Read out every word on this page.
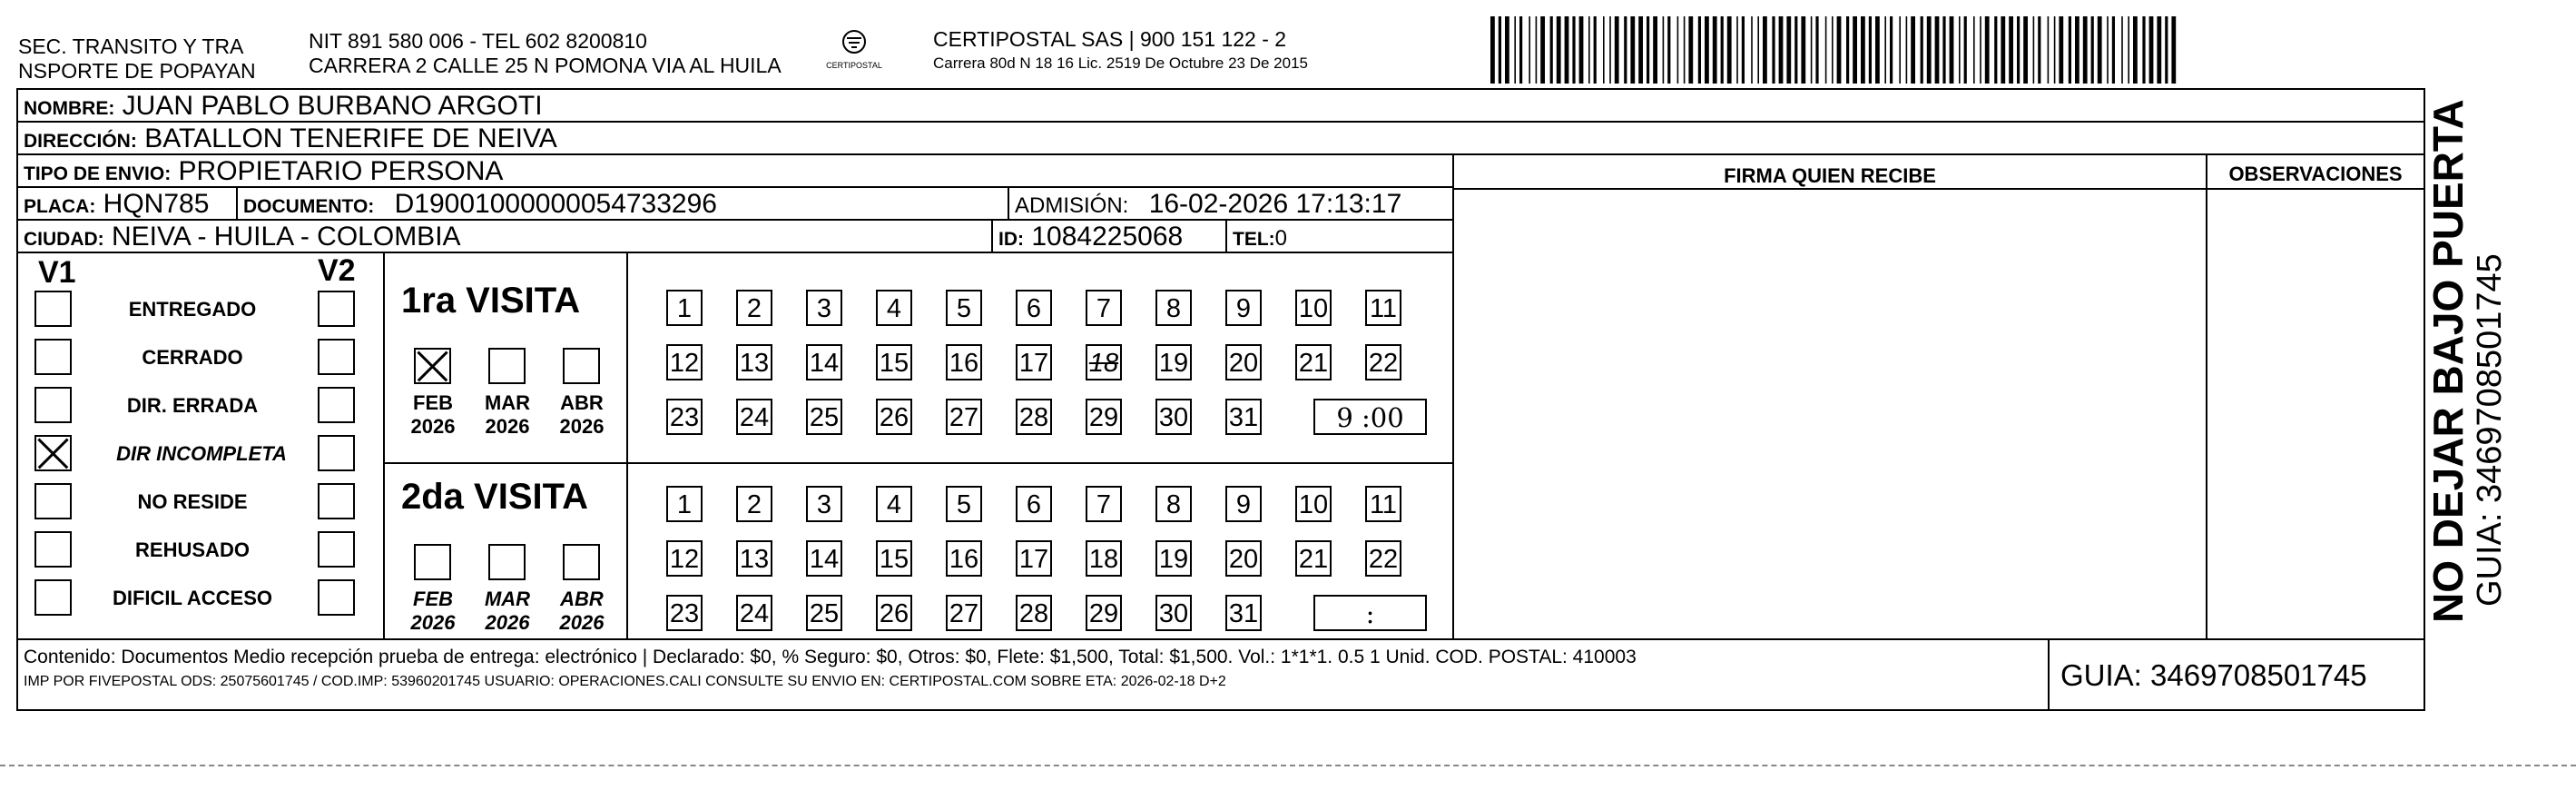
SEC. TRANSITO Y TRA
NSPORTE DE POPAYAN
NIT 891 580 006 - TEL 602 8200810
CARRERA 2 CALLE 25 N POMONA VIA AL HUILA	CERTIPOSTAL
CERTIPOSTAL SAS | 900 151 122 - 2
Carrera 80d N 18 16 Lic. 2519 De Octubre 23 De 2015
NOMBRE: JUAN PABLO BURBANO ARGOTI
DIRECCIÓN: BATALLON TENERIFE DE NEIVA
TIPO DE ENVIO: PROPIETARIO PERSONA
PLACA: HQN785 DOCUMENTO: D19001000000054733296	ADMISIÓN: 16-02-2026 17:13:17
CIUDAD: NEIVA - HUILA - COLOMBIA	ID: 1084225068	TEL:0
FIRMA QUIEN RECIBE	OBSERVACIONES
V1	V2
ENTREGADO
CERRADO
DIR. ERRADA
DIR INCOMPLETA
NO RESIDE
REHUSADO
DIFICIL ACCESO
1ra VISITA
FEB
2026
MAR
2026
ABR
2026
1	2	3	4	5	6	7	8	9	10 11
12 13 14 15 16 17 18 19 20 21 22
23 24 25 26 27 28 29 30 31	9 :00
2da VISITA
FEB
2026
MAR
2026
ABR
2026
1	2	3	4	5	6	7	8	9	10 11
12 13 14 15 16 17 18 19 20 21 22
23 24 25 26 27 28 29 30 31	:
Contenido: Documentos Medio recepción prueba de entrega: electrónico | Declarado: $0, % Seguro: $0, Otros: $0, Flete: $1,500, Total: $1,500. Vol.: 1*1*1. 0.5 1 Unid. COD. POSTAL: 410003
IMP POR FIVEPOSTAL ODS: 25075601745 / COD.IMP: 53960201745 USUARIO: OPERACIONES.CALI CONSULTE SU ENVIO EN: CERTIPOSTAL.COM SOBRE ETA: 2026-02-18 D+2	GUIA: 3469708501745
NO DEJAR BAJO PUERTA GUIA: 3469708501745
